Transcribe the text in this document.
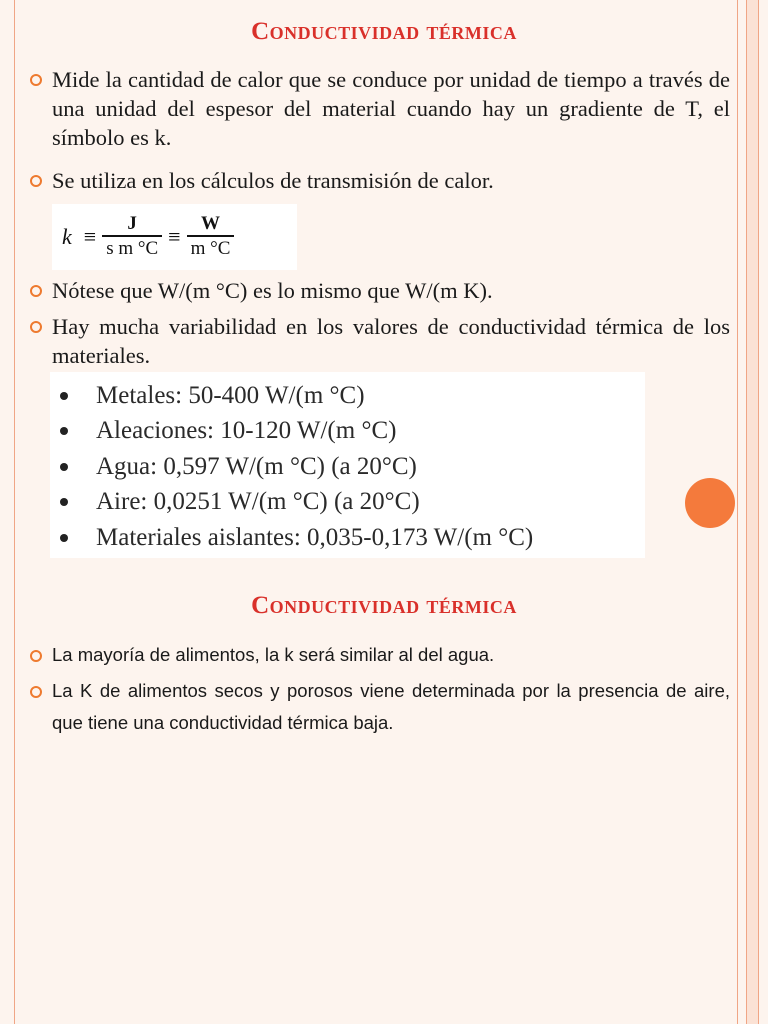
Conductividad térmica
Mide la cantidad de calor que se conduce por unidad de tiempo a través de una unidad del espesor del material cuando hay un gradiente de T, el símbolo es k.
Se utiliza en los cálculos de transmisión de calor.
$k \equiv \frac{J}{\text{s m °C}} \equiv \frac{W}{m ^\circ C}$
Nótese que W/(m °C) es lo mismo que W/(m K).
Hay mucha variabilidad en los valores de conductividad térmica de los materiales.
Metales: 50-400 W/(m °C)
Aleaciones: 10-120 W/(m °C)
Agua: 0,597 W/(m °C) (a 20°C)
Aire: 0,0251 W/(m °C) (a 20°C)
Materiales aislantes: 0,035-0,173 W/(m °C)
Conductividad térmica
La mayoría de alimentos, la k será similar al del agua.
La K de alimentos secos y porosos viene determinada por la presencia de aire, que tiene una conductividad térmica baja.
